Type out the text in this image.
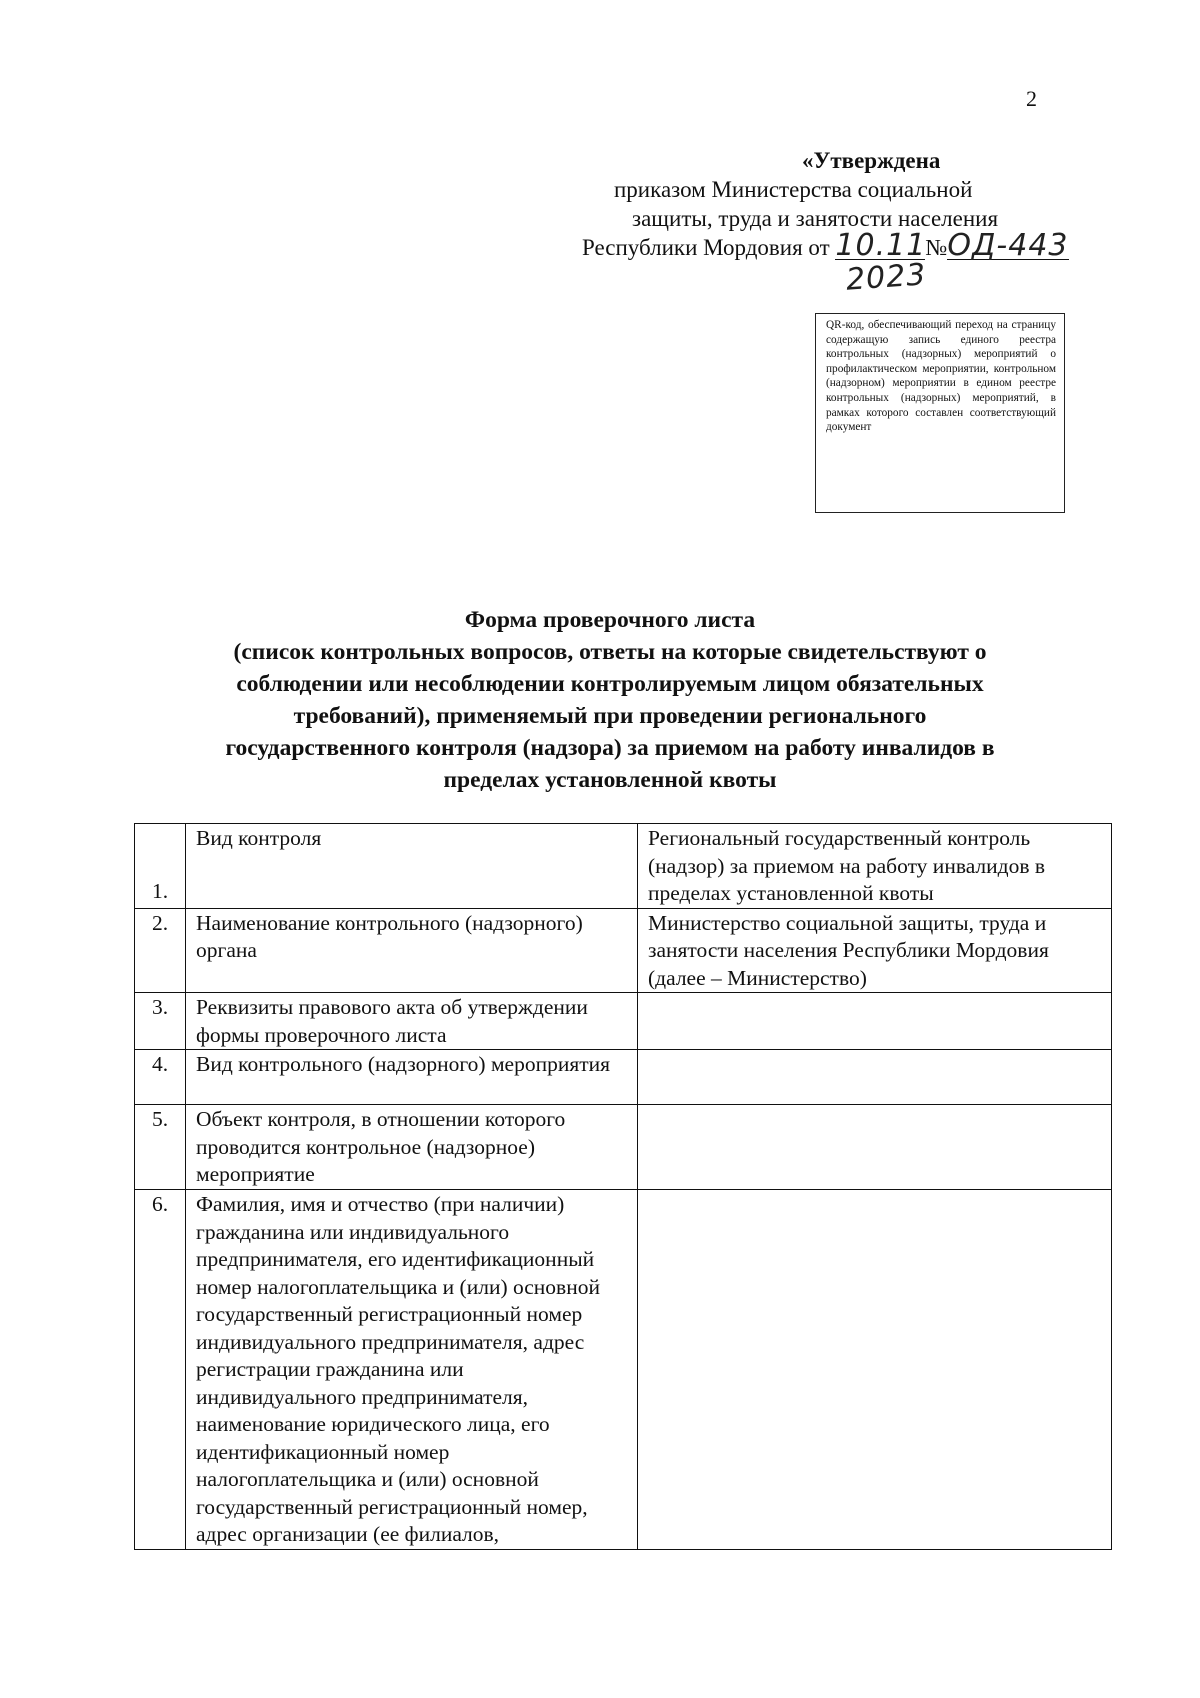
2
«Утверждена
приказом Министерства социальной
защиты, труда и занятости населения
Республики Мордовия от 10.11№ОД-443
2023
QR-код, обеспечивающий переход на страницу содержащую запись единого реестра контрольных (надзорных) мероприятий о профилактическом мероприятии, контрольном (надзорном) мероприятии в едином реестре контрольных (надзорных) мероприятий, в рамках которого составлен соответствующий документ
Форма проверочного листа
(список контрольных вопросов, ответы на которые свидетельствуют о
соблюдении или несоблюдении контролируемым лицом обязательных
требований), применяемый при проведении регионального
государственного контроля (надзора) за приемом на работу инвалидов в
пределах установленной квоты
1.	Вид контроля	Региональный государственный контроль (надзор) за приемом на работу инвалидов в пределах установленной квоты
2.	Наименование контрольного (надзорного) органа	Министерство социальной защиты, труда и занятости населения Республики Мордовия (далее – Министерство)
3.	Реквизиты правового акта об утверждении формы проверочного листа	
4.	Вид контрольного (надзорного) мероприятия	
5.	Объект контроля, в отношении которого проводится контрольное (надзорное) мероприятие	
6.	Фамилия, имя и отчество (при наличии) гражданина или индивидуального предпринимателя, его идентификационный номер налогоплательщика и (или) основной государственный регистрационный номер индивидуального предпринимателя, адрес регистрации гражданина или индивидуального предпринимателя, наименование юридического лица, его идентификационный номер налогоплательщика и (или) основной государственный регистрационный номер, адрес организации (ее филиалов,	
